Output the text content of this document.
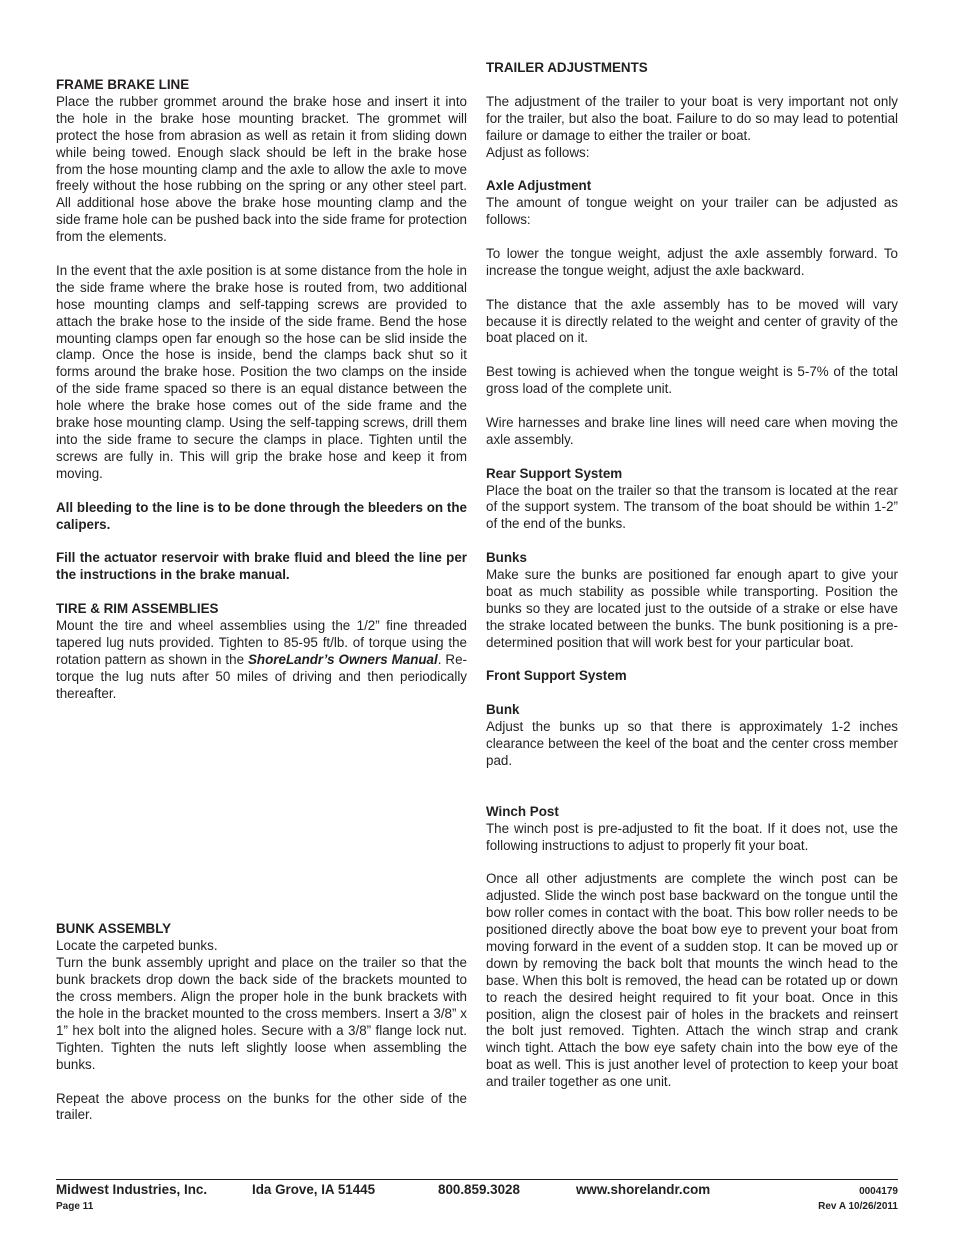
FRAME BRAKE LINE

Place the rubber grommet around the brake hose and insert it into the hole in the brake hose mounting bracket. The grommet will protect the hose from abrasion as well as retain it from sliding down while being towed. Enough slack should be left in the brake hose from the hose mounting clamp and the axle to allow the axle to move freely without the hose rubbing on the spring or any other steel part. All additional hose above the brake hose mounting clamp and the side frame hole can be pushed back into the side frame for protection from the elements.

In the event that the axle position is at some distance from the hole in the side frame where the brake hose is routed from, two additional hose mounting clamps and self-tapping screws are provided to attach the brake hose to the inside of the side frame. Bend the hose mounting clamps open far enough so the hose can be slid inside the clamp. Once the hose is inside, bend the clamps back shut so it forms around the brake hose. Position the two clamps on the inside of the side frame spaced so there is an equal distance between the hole where the brake hose comes out of the side frame and the brake hose mounting clamp. Using the self-tapping screws, drill them into the side frame to secure the clamps in place. Tighten until the screws are fully in. This will grip the brake hose and keep it from moving.

All bleeding to the line is to be done through the bleeders on the calipers.

Fill the actuator reservoir with brake fluid and bleed the line per the instructions in the brake manual.

TIRE & RIM ASSEMBLIES

Mount the tire and wheel assemblies using the 1/2” fine threaded tapered lug nuts provided. Tighten to 85-95 ft/lb. of torque using the rotation pattern as shown in the ShoreLandr’s Owners Manual. Re-torque the lug nuts after 50 miles of driving and then periodically thereafter.

BUNK ASSEMBLY

Locate the carpeted bunks.

Turn the bunk assembly upright and place on the trailer so that the bunk brackets drop down the back side of the brackets mounted to the cross members. Align the proper hole in the bunk brackets with the hole in the bracket mounted to the cross members. Insert a 3/8” x 1” hex bolt into the aligned holes. Secure with a 3/8” flange lock nut. Tighten. Tighten the nuts left slightly loose when assembling the bunks.

Repeat the above process on the bunks for the other side of the trailer.

TRAILER ADJUSTMENTS

The adjustment of the trailer to your boat is very important not only for the trailer, but also the boat. Failure to do so may lead to potential failure or damage to either the trailer or boat.

Adjust as follows:

Axle Adjustment

The amount of tongue weight on your trailer can be adjusted as follows:

To lower the tongue weight, adjust the axle assembly forward. To increase the tongue weight, adjust the axle backward.

The distance that the axle assembly has to be moved will vary because it is directly related to the weight and center of gravity of the boat placed on it.

Best towing is achieved when the tongue weight is 5-7% of the total gross load of the complete unit.

Wire harnesses and brake line lines will need care when moving the axle assembly.

Rear Support System

Place the boat on the trailer so that the transom is located at the rear of the support system. The transom of the boat should be within 1-2” of the end of the bunks.

Bunks

Make sure the bunks are positioned far enough apart to give your boat as much stability as possible while transporting. Position the bunks so they are located just to the outside of a strake or else have the strake located between the bunks. The bunk positioning is a pre-determined position that will work best for your particular boat.

Front Support System
Bunk

Adjust the bunks up so that there is approximately 1-2 inches clearance between the keel of the boat and the center cross member pad.

Winch Post

The winch post is pre-adjusted to fit the boat. If it does not, use the following instructions to adjust to properly fit your boat.

Once all other adjustments are complete the winch post can be adjusted. Slide the winch post base backward on the tongue until the bow roller comes in contact with the boat. This bow roller needs to be positioned directly above the boat bow eye to prevent your boat from moving forward in the event of a sudden stop. It can be moved up or down by removing the back bolt that mounts the winch head to the base. When this bolt is removed, the head can be rotated up or down to reach the desired height required to fit your boat. Once in this position, align the closest pair of holes in the brackets and reinsert the bolt just removed. Tighten. Attach the winch strap and crank winch tight. Attach the bow eye safety chain into the bow eye of the boat as well. This is just another level of protection to keep your boat and trailer together as one unit.

Midwest Industries, Inc.	Ida Grove, IA 51445	800.859.3028	www.shorelandr.com	0004179
Page 11	Rev A 10/26/2011
